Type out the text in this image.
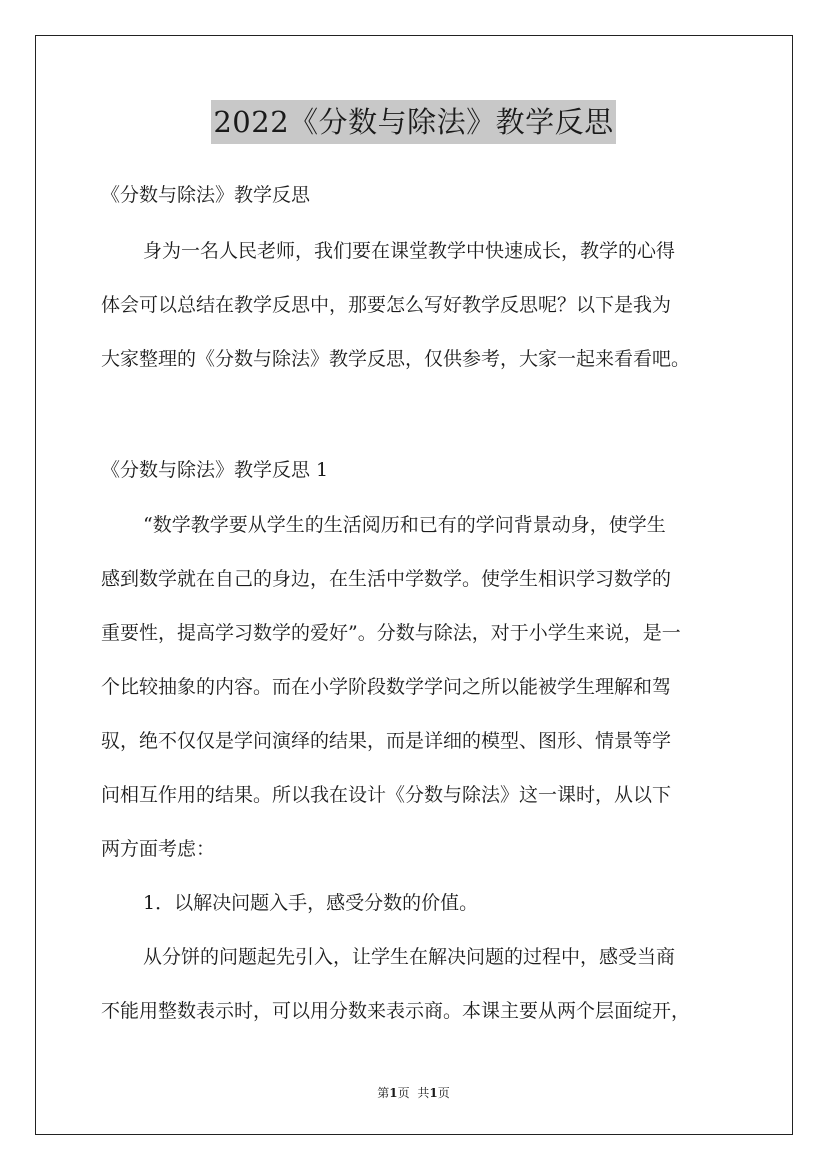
2022《分数与除法》教学反思
《分数与除法》教学反思
身为一名人民老师，我们要在课堂教学中快速成长，教学的心得
体会可以总结在教学反思中，那要怎么写好教学反思呢？以下是我为
大家整理的《分数与除法》教学反思，仅供参考，大家一起来看看吧。
《分数与除法》教学反思 1
“数学教学要从学生的生活阅历和已有的学问背景动身，使学生
感到数学就在自己的身边，在生活中学数学。使学生相识学习数学的
重要性，提高学习数学的爱好”。分数与除法，对于小学生来说，是一
个比较抽象的内容。而在小学阶段数学学问之所以能被学生理解和驾
驭，绝不仅仅是学问演绎的结果，而是详细的模型、图形、情景等学
问相互作用的结果。所以我在设计《分数与除法》这一课时，从以下
两方面考虑：
1．以解决问题入手，感受分数的价值。
从分饼的问题起先引入，让学生在解决问题的过程中，感受当商
不能用整数表示时，可以用分数来表示商。本课主要从两个层面绽开，
第1页 共1页
